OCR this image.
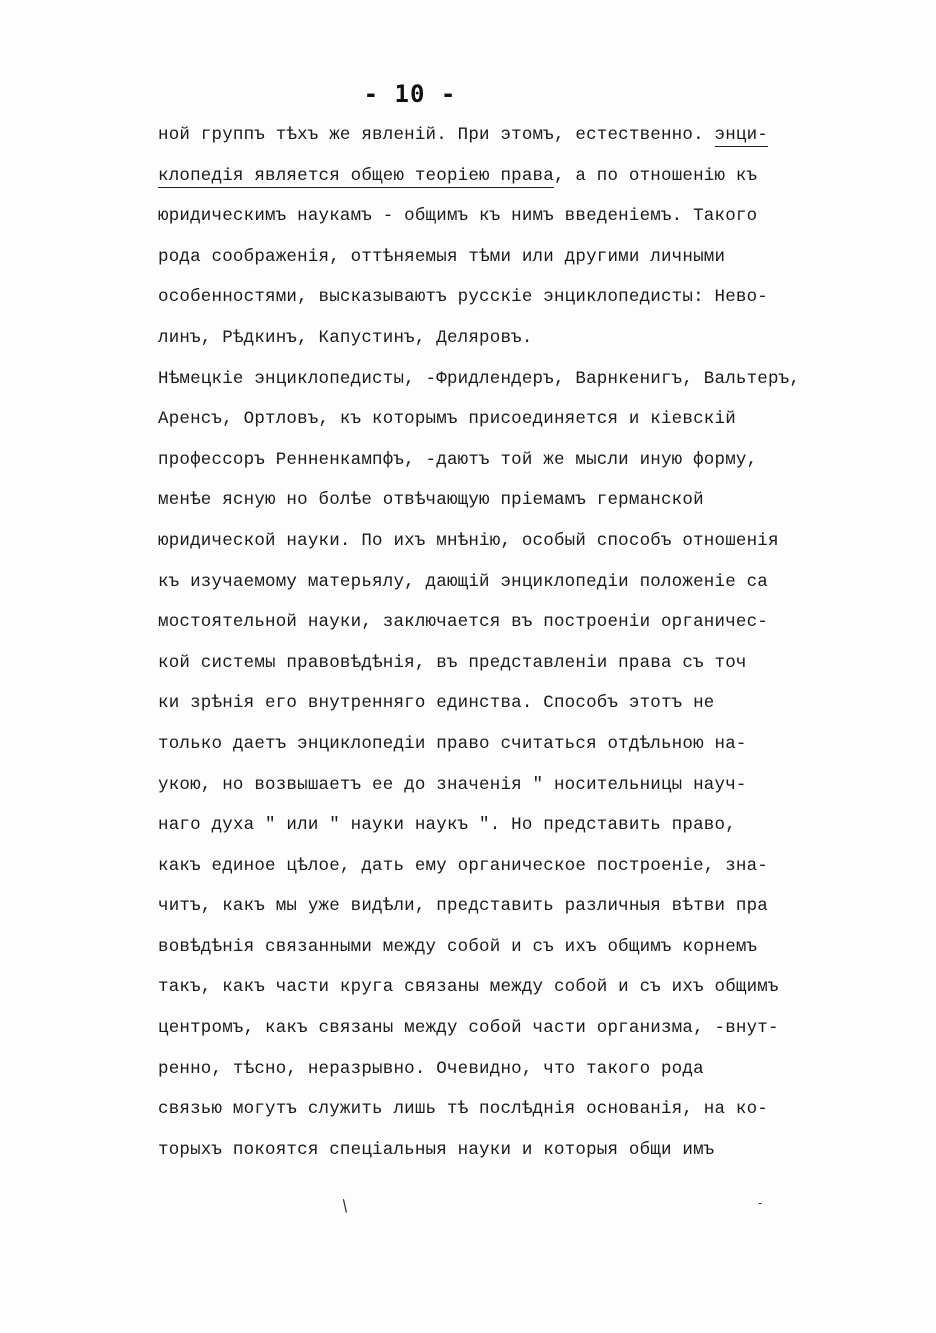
- 10 -
ной группъ тѣхъ же явленій. При этомъ, естественно. энци-
клопедія является общею теоріею права, а по отношенію къ
юридическимъ наукамъ - общимъ къ нимъ введеніемъ. Такого
рода соображенія, оттѣняемыя тѣми или другими личными
особенностями, высказываютъ русскіе энциклопедисты: Нево-
линъ, Рѣдкинъ, Капустинъ, Деляровъ.
Нѣмецкіе энциклопедисты, -Фридлендеръ, Варнкенигъ, Вальтеръ,
Аренсъ, Ортловъ, къ которымъ присоединяется и кіевскій
профессоръ Ренненкампфъ, -даютъ той же мысли иную форму,
менѣе ясную но болѣе отвѣчающую пріемамъ германской
юридической науки. По ихъ мнѣнію, особый способъ отношенія
къ изучаемому матерьялу, дающій энциклопедіи положеніе са
мостоятельной науки, заключается въ построеніи органичес-
кой системы правовѣдѣнія, въ представленіи права съ точ
ки зрѣнія его внутренняго единства. Способъ этотъ не
только даетъ энциклопедіи право считаться отдѣльною на-
укою, но возвышаетъ ее до значенія " носительницы науч-
наго духа " или " науки наукъ ". Но представить право,
какъ единое цѣлое, дать ему органическое построеніе, зна-
читъ, какъ мы уже видѣли, представить различныя вѣтви пра
вовѣдѣнія связанными между собой и съ ихъ общимъ корнемъ
такъ, какъ части круга связаны между собой и съ ихъ общимъ
центромъ, какъ связаны между собой части организма, -внут-
ренно, тѣсно, неразрывно. Очевидно, что такого рода
связью могутъ служить лишь тѣ послѣднія основанія, на ко-
торыхъ покоятся спеціальныя науки и которыя общи имъ
/	-
